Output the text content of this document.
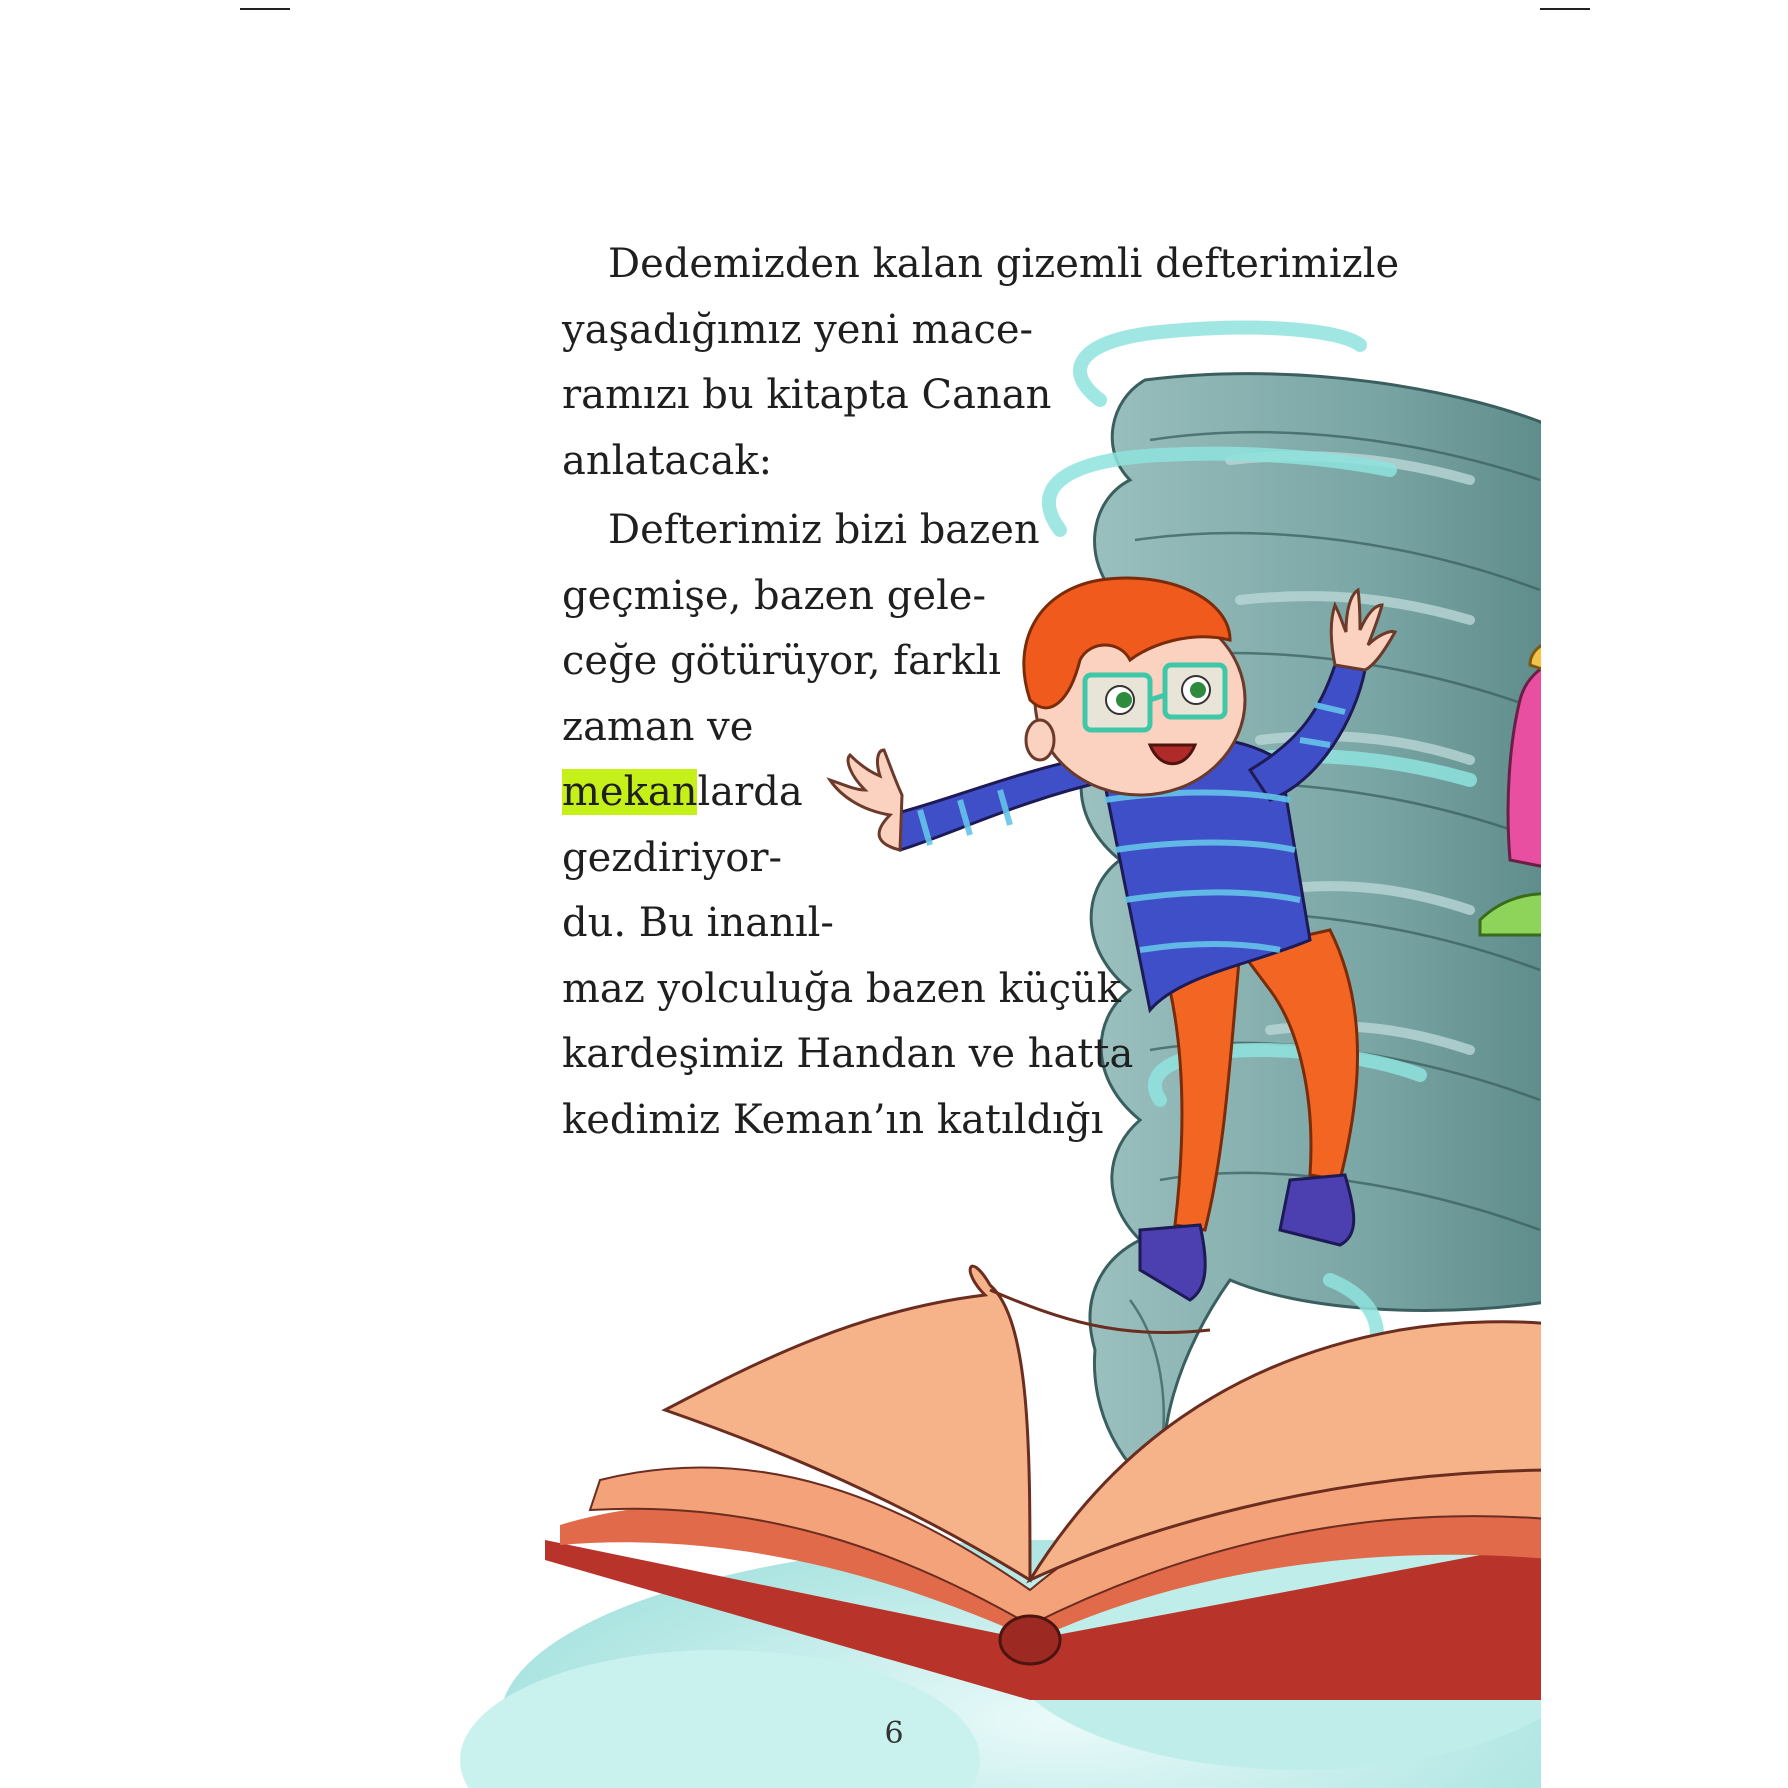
Dedemizden kalan gizemli defterimizle
yaşadığımız yeni mace-
ramızı bu kitapta Canan
anlatacak:

Defterimiz bizi bazen
geçmişe, bazen gele-
ceğe götürüyor, farklı
zaman ve
mekanlarda
gezdiriyor-
du. Bu inanıl-
maz yolculuğa bazen küçük
kardeşimiz Handan ve hatta
kedimiz Keman’ın katıldığı

6
